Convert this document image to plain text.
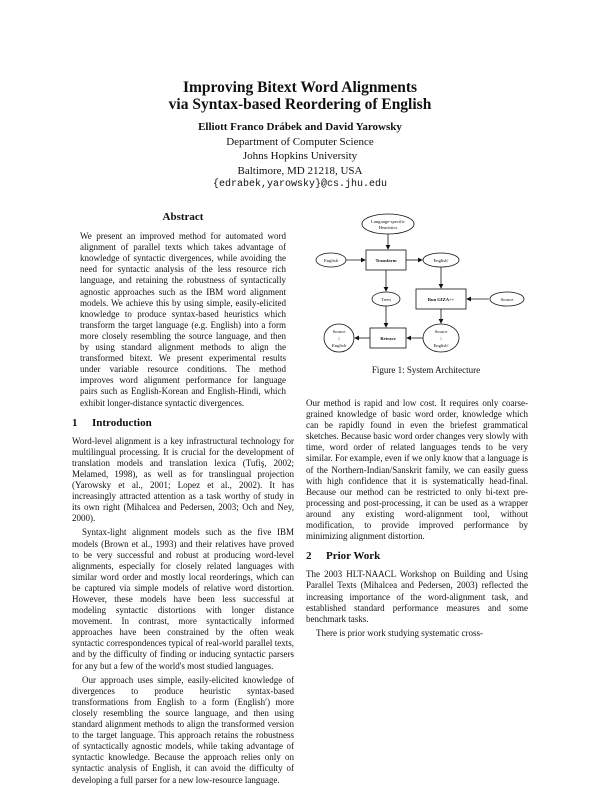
Improving Bitext Word Alignments
via Syntax-based Reordering of English
Elliott Franco Drábek and David Yarowsky
Department of Computer Science
Johns Hopkins University
Baltimore, MD 21218, USA
{edrabek,yarowsky}@cs.jhu.edu
Abstract

We present an improved method for automated word alignment of parallel texts which takes advantage of knowledge of syntactic divergences, while avoiding the need for syntactic analysis of the less resource rich language, and retaining the robustness of syntactically agnostic approaches such as the IBM word alignment models. We achieve this by using simple, easily-elicited knowledge to produce syntax-based heuristics which transform the target language (e.g. English) into a form more closely resembling the source language, and then by using standard alignment methods to align the transformed bitext. We present experimental results under variable resource conditions. The method improves word alignment performance for language pairs such as English-Korean and English-Hindi, which exhibit longer-distance syntactic divergences.

1 Introduction

Word-level alignment is a key infrastructural technology for multilingual processing. It is crucial for the development of translation models and translation lexica (Tufiş, 2002; Melamed, 1998), as well as for translingual projection (Yarowsky et al., 2001; Lopez et al., 2002). It has increasingly attracted attention as a task worthy of study in its own right (Mihalcea and Pedersen, 2003; Och and Ney, 2000).

Syntax-light alignment models such as the five IBM models (Brown et al., 1993) and their relatives have proved to be very successful and robust at producing word-level alignments, especially for closely related languages with similar word order and mostly local reorderings, which can be captured via simple models of relative word distortion. However, these models have been less successful at modeling syntactic distortions with longer distance movement. In contrast, more syntactically informed approaches have been constrained by the often weak syntactic correspondences typical of real-world parallel texts, and by the difficulty of finding or inducing syntactic parsers for any but a few of the world's most studied languages.

Our approach uses simple, easily-elicited knowledge of divergences to produce heuristic syntax-based transformations from English to a form (English′) more closely resembling the source language, and then using standard alignment methods to align the transformed version to the target language. This approach retains the robustness of syntactically agnostic models, while taking advantage of syntactic knowledge. Because the approach relies only on syntactic analysis of English, it can avoid the difficulty of developing a full parser for a new low-resource language.

Language-specific
Heuristics
English	Transform	English′
Trees	Run GIZA++	Source
Source
↕
English
Retrace
Source
↕
English′
Figure 1: System Architecture

Our method is rapid and low cost. It requires only coarse-grained knowledge of basic word order, knowledge which can be rapidly found in even the briefest grammatical sketches. Because basic word order changes very slowly with time, word order of related languages tends to be very similar. For example, even if we only know that a language is of the Northern-Indian/Sanskrit family, we can easily guess with high confidence that it is systematically head-final. Because our method can be restricted to only bi-text pre-processing and post-processing, it can be used as a wrapper around any existing word-alignment tool, without modification, to provide improved performance by minimizing alignment distortion.

2 Prior Work

The 2003 HLT-NAACL Workshop on Building and Using Parallel Texts (Mihalcea and Pedersen, 2003) reflected the increasing importance of the word-alignment task, and established standard performance measures and some benchmark tasks.

There is prior work studying systematic cross-
